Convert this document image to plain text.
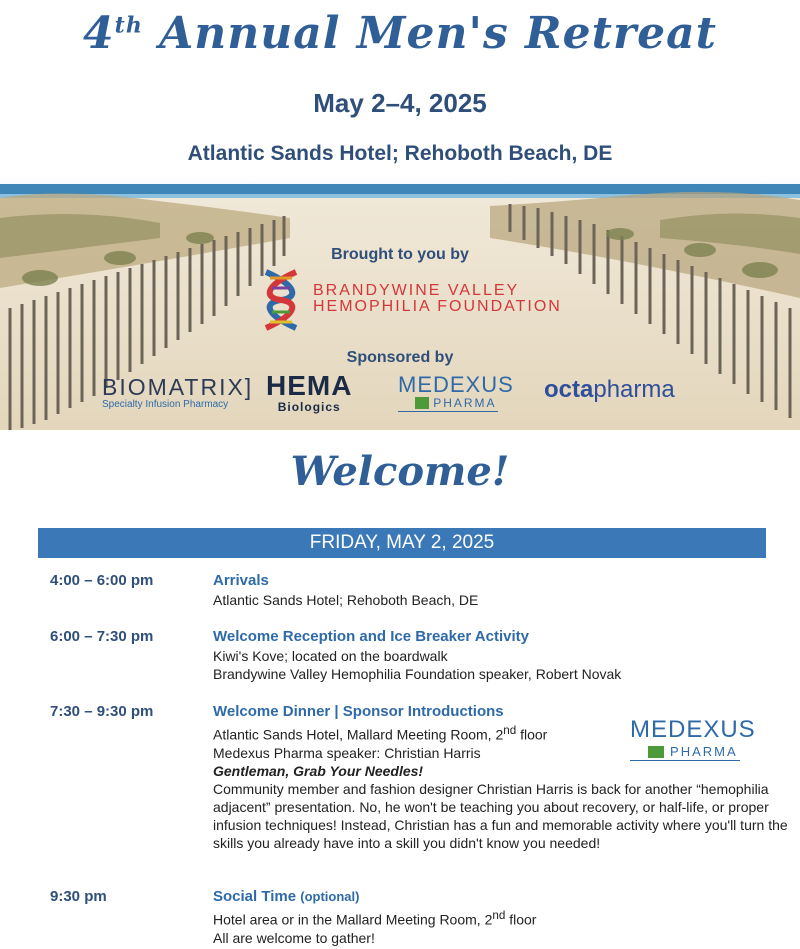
4th Annual Men's Retreat
May 2–4, 2025
Atlantic Sands Hotel; Rehoboth Beach, DE
Brought to you by
BRANDYWINE VALLEY
HEMOPHILIA FOUNDATION
Sponsored by
BIOMATRIX]
Specialty Infusion Pharmacy
HEMA
Biologics
MEDEXUS
PHARMA octapharma
Welcome!
FRIDAY, MAY 2, 2025
4:00 – 6:00 pm	Arrivals
Atlantic Sands Hotel; Rehoboth Beach, DE
6:00 – 7:30 pm	Welcome Reception and Ice Breaker Activity
Kiwi's Kove; located on the boardwalk
Brandywine Valley Hemophilia Foundation speaker, Robert Novak
7:30 – 9:30 pm	Welcome Dinner | Sponsor Introductions
Atlantic Sands Hotel, Mallard Meeting Room, 2nd floor
Medexus Pharma speaker: Christian Harris
Gentleman, Grab Your Needles!
Community member and fashion designer Christian Harris is back for another “hemophilia adjacent” presentation. No, he won't be teaching you about recovery, or half-life, or proper infusion techniques! Instead, Christian has a fun and memorable activity where you'll turn the skills you already have into a skill you didn't know you needed!
MEDEXUS
PHARMA
9:30 pm	Social Time (optional)
Hotel area or in the Mallard Meeting Room, 2nd floor
All are welcome to gather!
